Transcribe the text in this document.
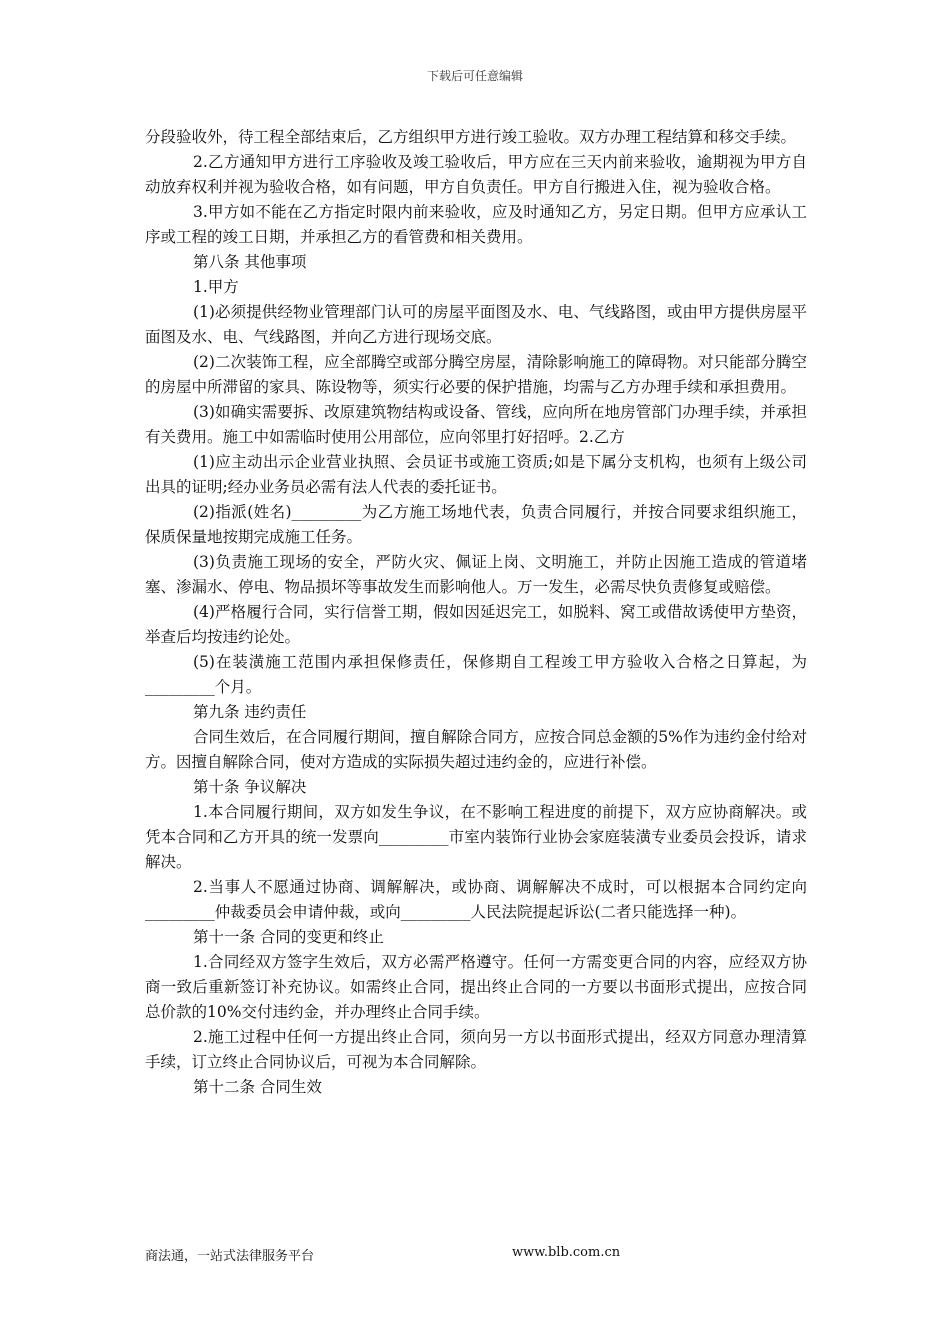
下载后可任意编辑

分段验收外，待工程全部结束后，乙方组织甲方进行竣工验收。双方办理工程结算和移交手续。

2.乙方通知甲方进行工序验收及竣工验收后，甲方应在三天内前来验收，逾期视为甲方自动放弃权利并视为验收合格，如有问题，甲方自负责任。甲方自行搬进入住，视为验收合格。

3.甲方如不能在乙方指定时限内前来验收，应及时通知乙方，另定日期。但甲方应承认工序或工程的竣工日期，并承担乙方的看管费和相关费用。

第八条 其他事项

1.甲方

(1)必须提供经物业管理部门认可的房屋平面图及水、电、气线路图，或由甲方提供房屋平面图及水、电、气线路图，并向乙方进行现场交底。

(2)二次装饰工程，应全部腾空或部分腾空房屋，清除影响施工的障碍物。对只能部分腾空的房屋中所滞留的家具、陈设物等，须实行必要的保护措施，均需与乙方办理手续和承担费用。

(3)如确实需要拆、改原建筑物结构或设备、管线，应向所在地房管部门办理手续，并承担有关费用。施工中如需临时使用公用部位，应向邻里打好招呼。2.乙方

(1)应主动出示企业营业执照、会员证书或施工资质;如是下属分支机构，也须有上级公司出具的证明;经办业务员必需有法人代表的委托证书。

(2)指派(姓名)_________为乙方施工场地代表，负责合同履行，并按合同要求组织施工，保质保量地按期完成施工任务。

(3)负责施工现场的安全，严防火灾、佩证上岗、文明施工，并防止因施工造成的管道堵塞、渗漏水、停电、物品损坏等事故发生而影响他人。万一发生，必需尽快负责修复或赔偿。

(4)严格履行合同，实行信誉工期，假如因延迟完工，如脱料、窝工或借故诱使甲方垫资，举查后均按违约论处。

(5)在装潢施工范围内承担保修责任，保修期自工程竣工甲方验收入合格之日算起，为_________个月。

第九条 违约责任

合同生效后，在合同履行期间，擅自解除合同方，应按合同总金额的5%作为违约金付给对方。因擅自解除合同，使对方造成的实际损失超过违约金的，应进行补偿。

第十条 争议解决

1.本合同履行期间，双方如发生争议，在不影响工程进度的前提下，双方应协商解决。或凭本合同和乙方开具的统一发票向_________市室内装饰行业协会家庭装潢专业委员会投诉，请求解决。

2.当事人不愿通过协商、调解解决，或协商、调解解决不成时，可以根据本合同约定向_________仲裁委员会申请仲裁，或向_________人民法院提起诉讼(二者只能选择一种)。

第十一条 合同的变更和终止

1.合同经双方签字生效后，双方必需严格遵守。任何一方需变更合同的内容，应经双方协商一致后重新签订补充协议。如需终止合同，提出终止合同的一方要以书面形式提出，应按合同总价款的10%交付违约金，并办理终止合同手续。

2.施工过程中任何一方提出终止合同，须向另一方以书面形式提出，经双方同意办理清算手续，订立终止合同协议后，可视为本合同解除。

第十二条 合同生效

商法通，一站式法律服务平台	www.blb.com.cn
